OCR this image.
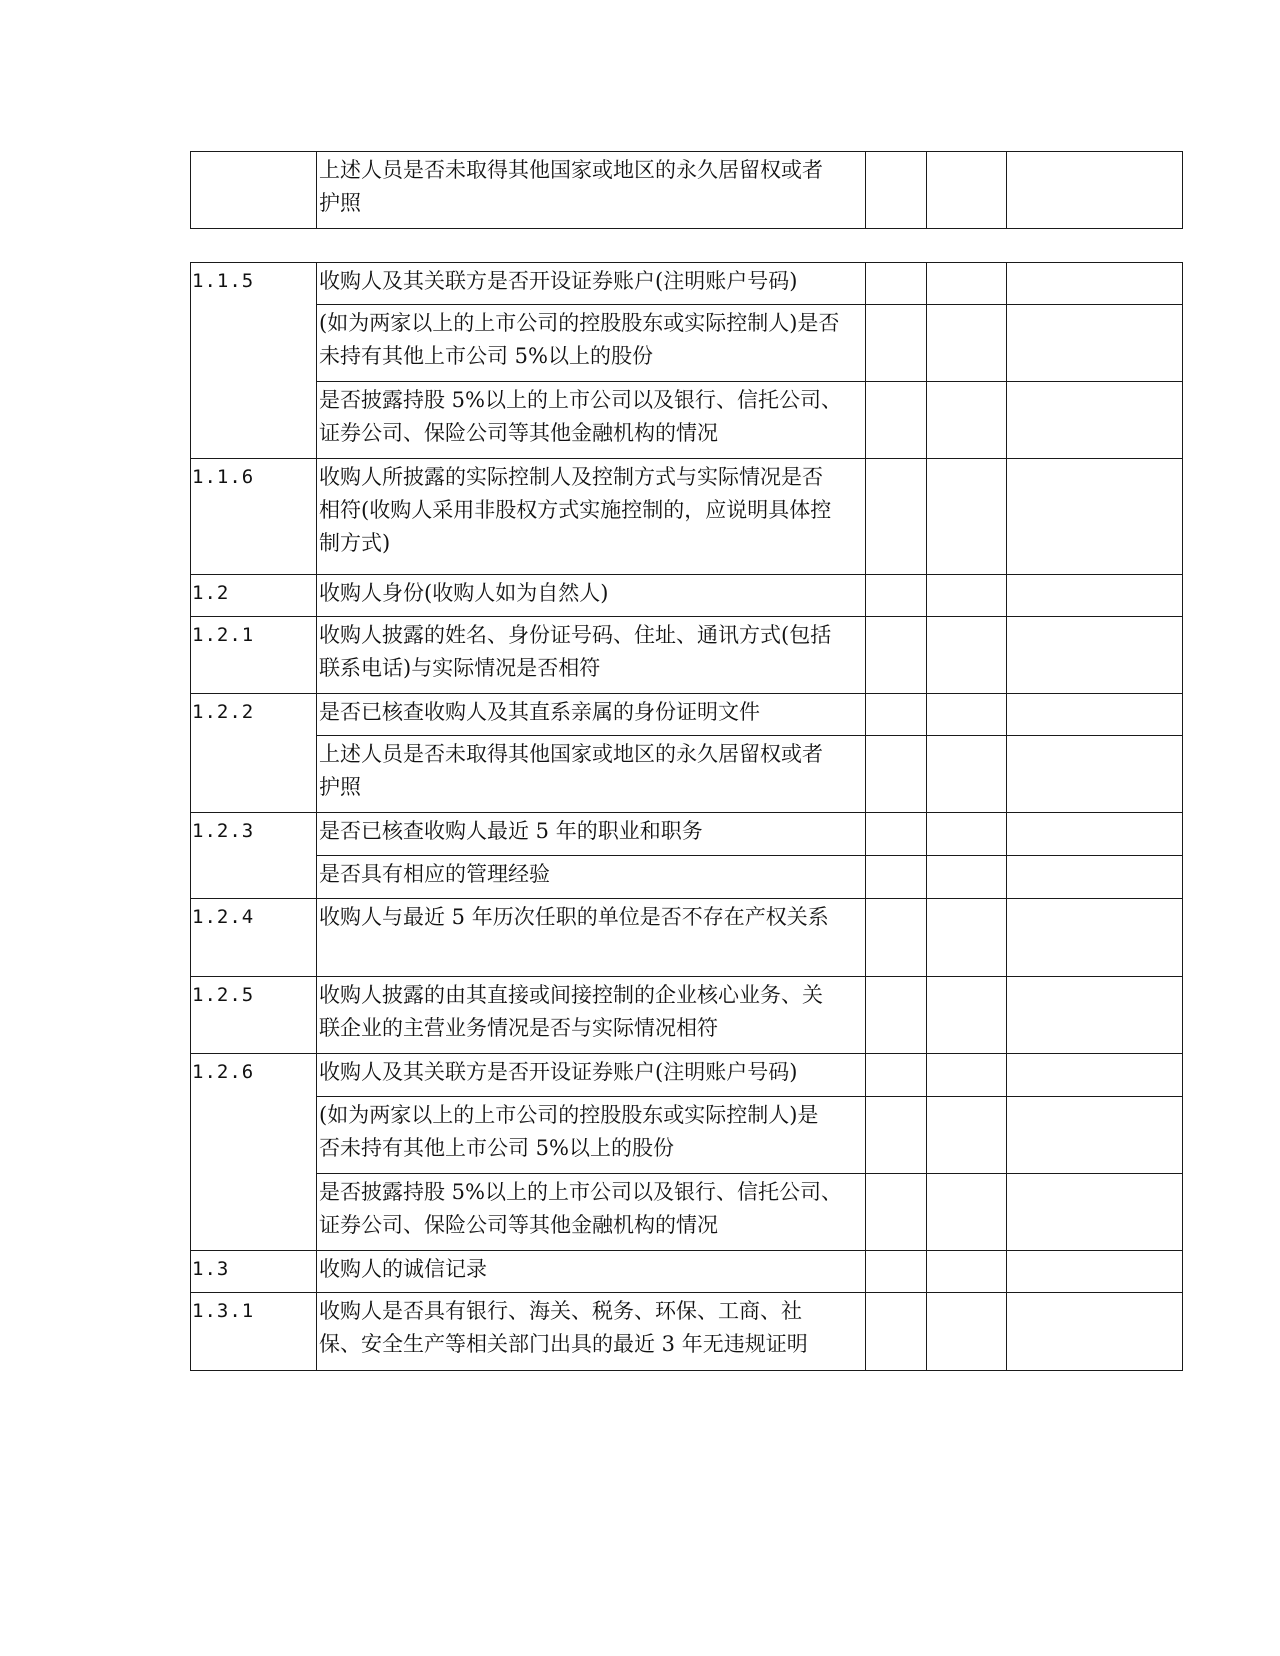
上述人员是否未取得其他国家或地区的永久居留权或者
护照

1.1.5	收购人及其关联方是否开设证券账户(注明账户号码)			

	(如为两家以上的上市公司的控股股东或实际控制人)是否
未持有其他上市公司 5%以上的股份			

	是否披露持股 5%以上的上市公司以及银行、信托公司、
证券公司、保险公司等其他金融机构的情况			

1.1.6	收购人所披露的实际控制人及控制方式与实际情况是否
相符(收购人采用非股权方式实施控制的，应说明具体控
制方式)			

1.2	收购人身份(收购人如为自然人)			

1.2.1	收购人披露的姓名、身份证号码、住址、通讯方式(包括
联系电话)与实际情况是否相符			

1.2.2	是否已核查收购人及其直系亲属的身份证明文件			

	上述人员是否未取得其他国家或地区的永久居留权或者
护照			

1.2.3	是否已核查收购人最近 5 年的职业和职务			

	是否具有相应的管理经验			

1.2.4	收购人与最近 5 年历次任职的单位是否不存在产权关系			

1.2.5	收购人披露的由其直接或间接控制的企业核心业务、关
联企业的主营业务情况是否与实际情况相符			

1.2.6	收购人及其关联方是否开设证券账户(注明账户号码)			

	(如为两家以上的上市公司的控股股东或实际控制人)是
否未持有其他上市公司 5%以上的股份			

	是否披露持股 5%以上的上市公司以及银行、信托公司、
证券公司、保险公司等其他金融机构的情况			

1.3	收购人的诚信记录			

1.3.1	收购人是否具有银行、海关、税务、环保、工商、社
保、安全生产等相关部门出具的最近 3 年无违规证明			
